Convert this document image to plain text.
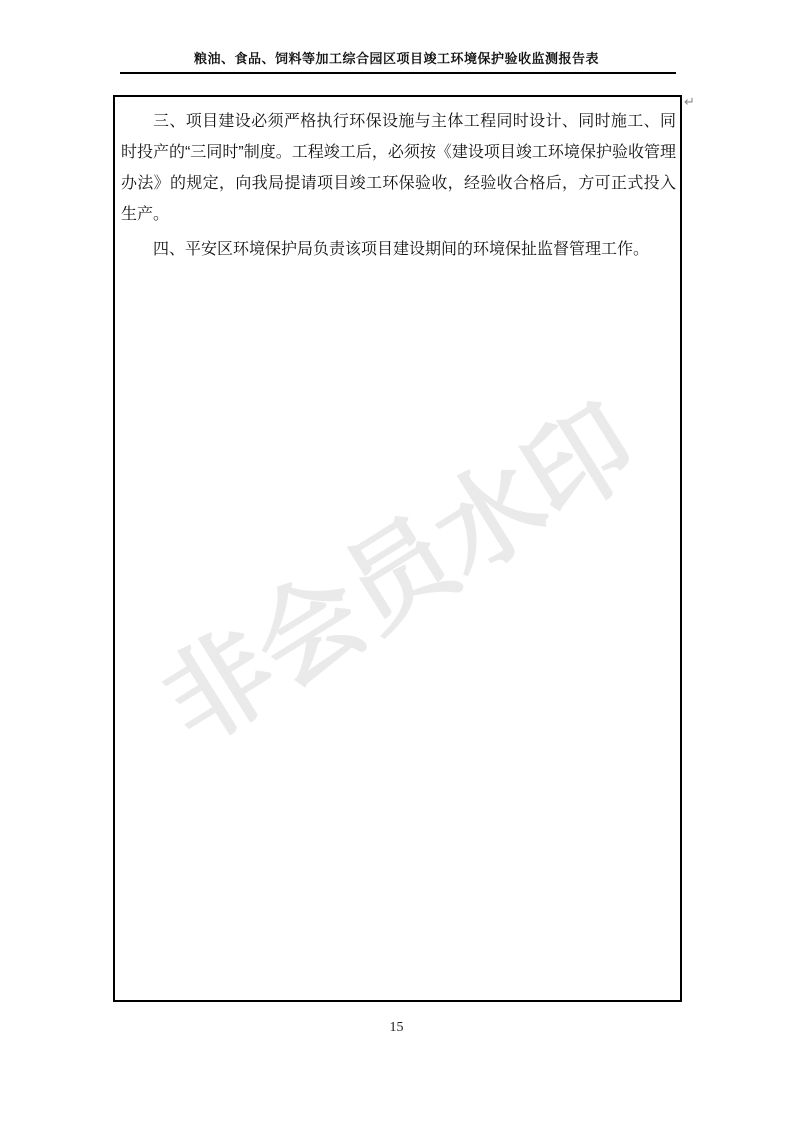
粮油、食品、饲料等加工综合园区项目竣工环境保护验收监测报告表
↵
非会员水印

三、项目建设必须严格执行环保设施与主体工程同时设计、同时施工、同时投产的“三同时”制度。工程竣工后，必须按《建设项目竣工环境保护验收管理办法》的规定，向我局提请项目竣工环保验收，经验收合格后，方可正式投入生产。

四、平安区环境保护局负责该项目建设期间的环境保扯监督管理工作。

15
